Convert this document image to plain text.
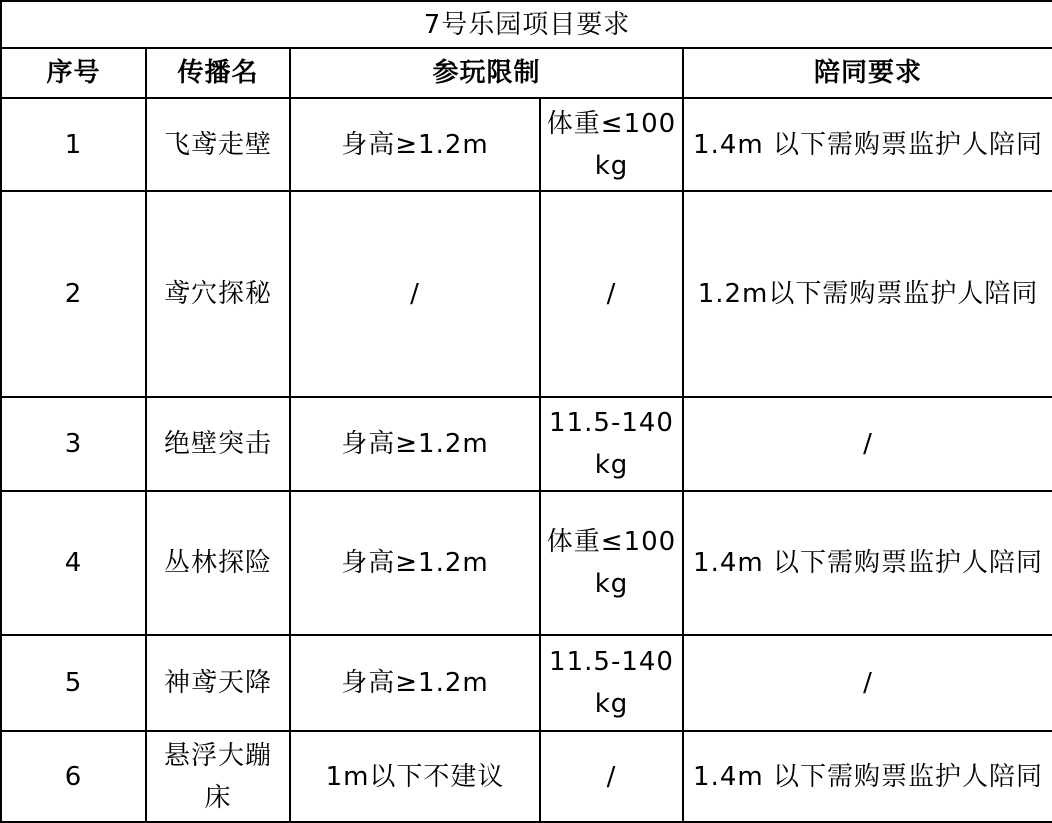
7号乐园项目要求				
序号	传播名	参玩限制		陪同要求
1	飞鸢走壁	身高≥1.2m	体重≤100kg	1.4m 以下需购票监护人陪同
2	鸢穴探秘	/	/	1.2m以下需购票监护人陪同
3	绝壁突击	身高≥1.2m	11.5-140kg	/
4	丛林探险	身高≥1.2m	体重≤100kg	1.4m 以下需购票监护人陪同
5	神鸢天降	身高≥1.2m	11.5-140kg	/
6	悬浮大蹦床	1m以下不建议	/	1.4m 以下需购票监护人陪同
